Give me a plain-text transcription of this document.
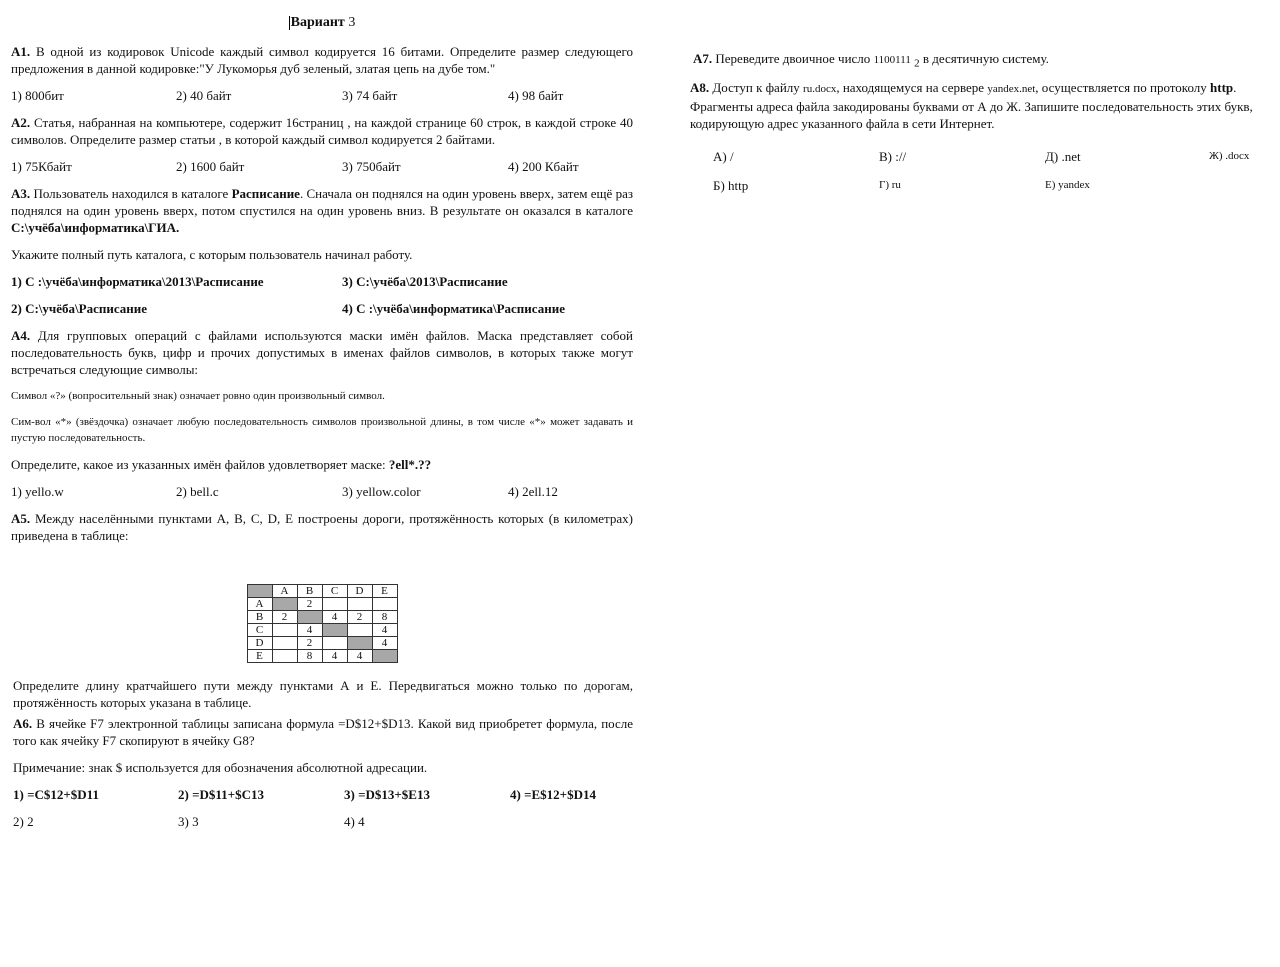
Вариант 3

А1. В одной из кодировок Unicode каждый символ кодируется 16 битами. Определите размер следующего предложения в данной кодировке:"У Лукоморья дуб зеленый, златая цепь на дубе том."

1) 800бит	2) 40 байт	3) 74 байт	4) 98 байт

А2. Статья, набранная на компьютере, содержит 16страниц , на каждой странице 60 строк, в каждой строке 40 символов. Определите размер статьи , в которой каждый символ кодируется 2 байтами.

1) 75Кбайт	2) 1600 байт	3) 750байт	4) 200 Кбайт

А3. Пользователь находился в каталоге Расписание. Сначала он поднялся на один уровень вверх, затем ещё раз поднялся на один уровень вверх, потом спустился на один уровень вниз. В результате он оказался в каталоге С:\учёба\информатика\ГИА.

Укажите полный путь каталога, с которым пользователь начинал работу.

1) С :\учёба\информатика\2013\Расписание	3) С:\учёба\2013\Расписание
2) С:\учёба\Расписание	4) С :\учёба\информатика\Расписание

А4. Для групповых операций с файлами используются маски имён файлов. Маска представляет собой последовательность букв, цифр и прочих допустимых в именах файлов символов, в которых также могут встречаться следующие символы:

Символ «?» (вопросительный знак) означает ровно один произвольный символ.

Сим-вол «*» (звёздочка) означает любую последовательность символов произвольной длины, в том числе «*» может задавать и пустую последовательность.

Определите, какое из указанных имён файлов удовлетворяет маске: ?ell*.??

1) yello.w	2) bell.c	3) yellow.color	4) 2ell.12

А5. Между населёнными пунктами А, В, С, D, Е построены дороги, протяжённость которых (в километрах) приведена в таблице:

	A	B	C	D	E
A		2			
B	2		4	2	8
C		4			4
D		2			4
E		8	4	4	

Определите длину кратчайшего пути между пунктами А и Е. Передвигаться можно только по дорогам, протяжённость которых указана в таблице.

А6. В ячейке F7 электронной таблицы записана формула =D$12+$D13. Какой вид приобретет формула, после того как ячейку F7 скопируют в ячейку G8?

Примечание: знак $ используется для обозначения абсолютной адресации.

1) =C$12+$D11	2) =D$11+$C13	3) =D$13+$E13	4) =E$12+$D14
2) 2	3) 3	4) 4

А7. Переведите двоичное число 1100111 $_2$ в десятичную систему.

А8. Доступ к файлу ru.docx, находящемуся на сервере yandex.net, осуществляется по протоколу http. Фрагменты адреса файла закодированы буквами от А до Ж. Запишите последовательность этих букв, кодирующую адрес указанного файла в сети Интернет.

А) /	В) ://	Д) .net	Ж) .docx
Б) http	Г) ru	Е) yandex
